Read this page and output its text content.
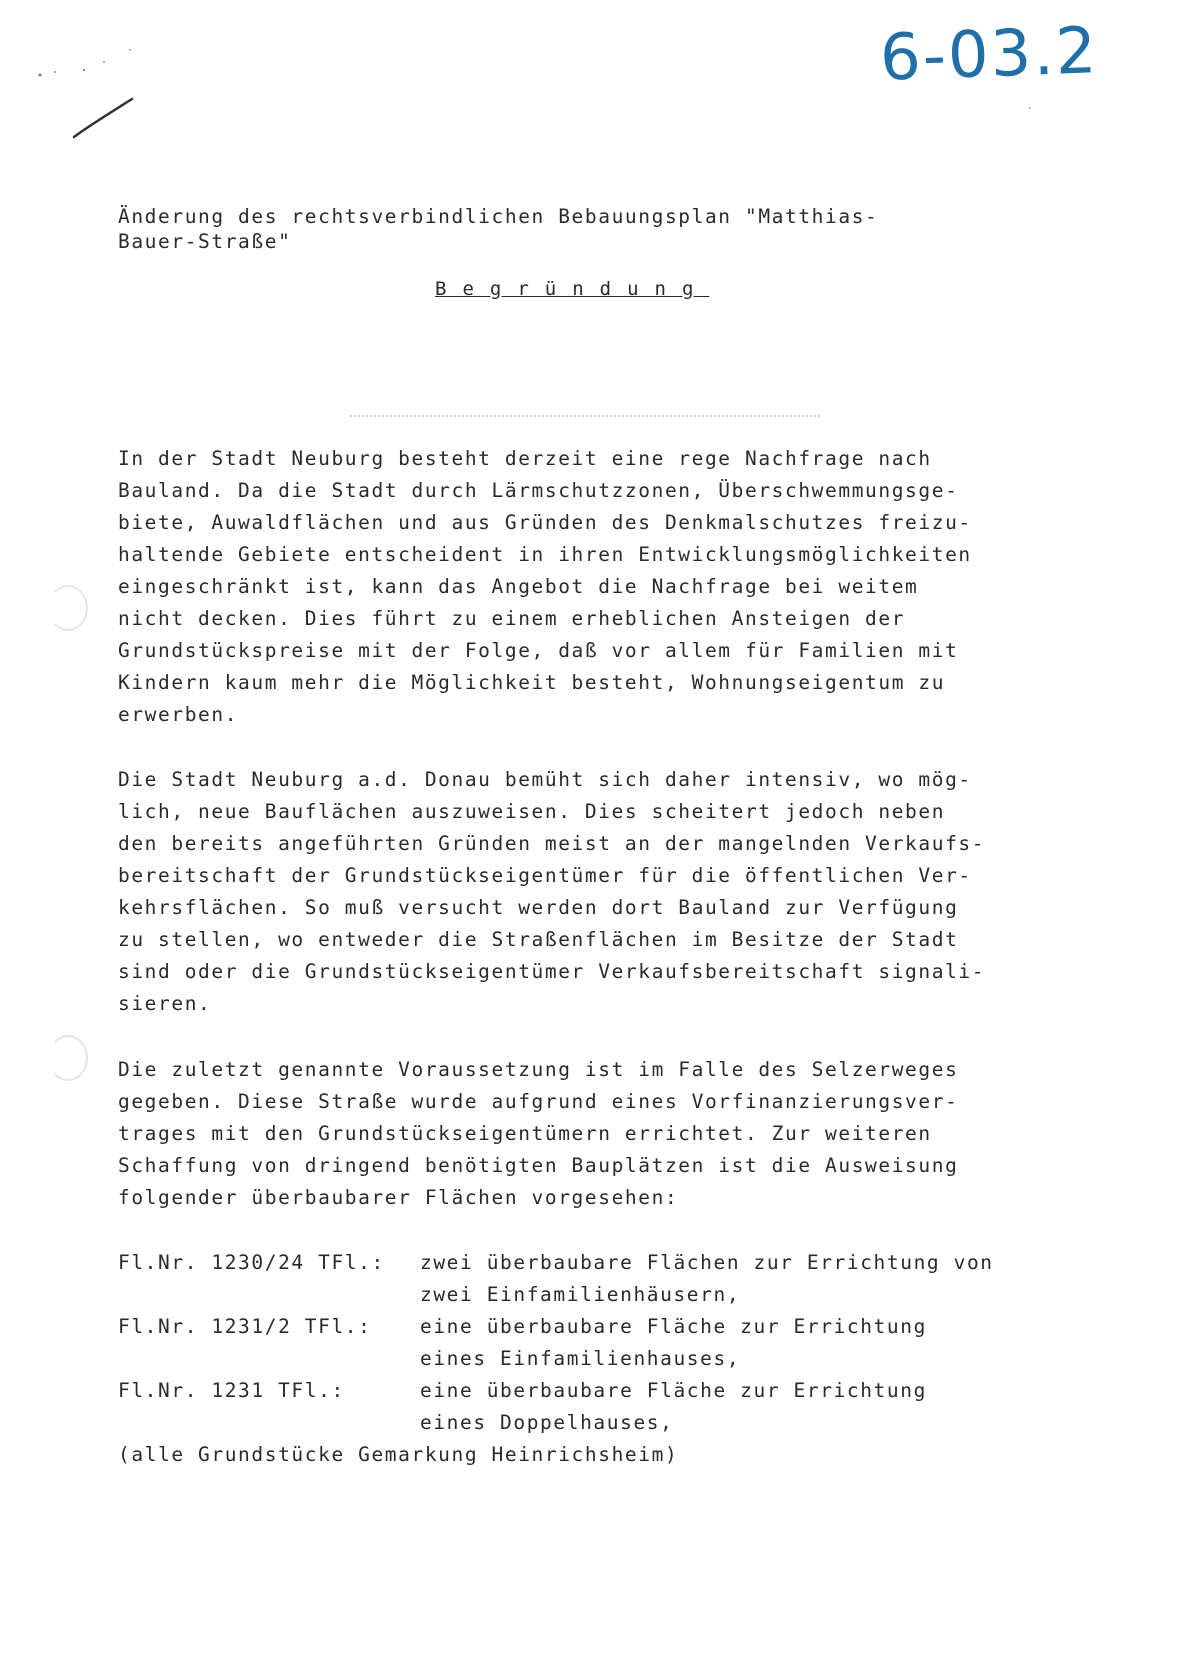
6-03.2
Änderung des rechtsverbindlichen Bebauungsplan "Matthias-
Bauer-Straße"
Begründung
In der Stadt Neuburg besteht derzeit eine rege Nachfrage nach
Bauland. Da die Stadt durch Lärmschutzzonen, Überschwemmungsge-
biete, Auwaldflächen und aus Gründen des Denkmalschutzes freizu-
haltende Gebiete entscheident in ihren Entwicklungsmöglichkeiten
eingeschränkt ist, kann das Angebot die Nachfrage bei weitem
nicht decken. Dies führt zu einem erheblichen Ansteigen der
Grundstückspreise mit der Folge, daß vor allem für Familien mit
Kindern kaum mehr die Möglichkeit besteht, Wohnungseigentum zu
erwerben.
Die Stadt Neuburg a.d. Donau bemüht sich daher intensiv, wo mög-
lich, neue Bauflächen auszuweisen. Dies scheitert jedoch neben
den bereits angeführten Gründen meist an der mangelnden Verkaufs-
bereitschaft der Grundstückseigentümer für die öffentlichen Ver-
kehrsflächen. So muß versucht werden dort Bauland zur Verfügung
zu stellen, wo entweder die Straßenflächen im Besitze der Stadt
sind oder die Grundstückseigentümer Verkaufsbereitschaft signali-
sieren.
Die zuletzt genannte Voraussetzung ist im Falle des Selzerweges
gegeben. Diese Straße wurde aufgrund eines Vorfinanzierungsver-
trages mit den Grundstückseigentümern errichtet. Zur weiteren
Schaffung von dringend benötigten Bauplätzen ist die Ausweisung
folgender überbaubarer Flächen vorgesehen:
Fl.Nr. 1230/24 TFl.: zwei überbaubare Flächen zur Errichtung von
zwei Einfamilienhäusern,
Fl.Nr. 1231/2 TFl.: eine überbaubare Fläche zur Errichtung
eines Einfamilienhauses,
Fl.Nr. 1231 TFl.:	eine überbaubare Fläche zur Errichtung
eines Doppelhauses,
(alle Grundstücke Gemarkung Heinrichsheim)
